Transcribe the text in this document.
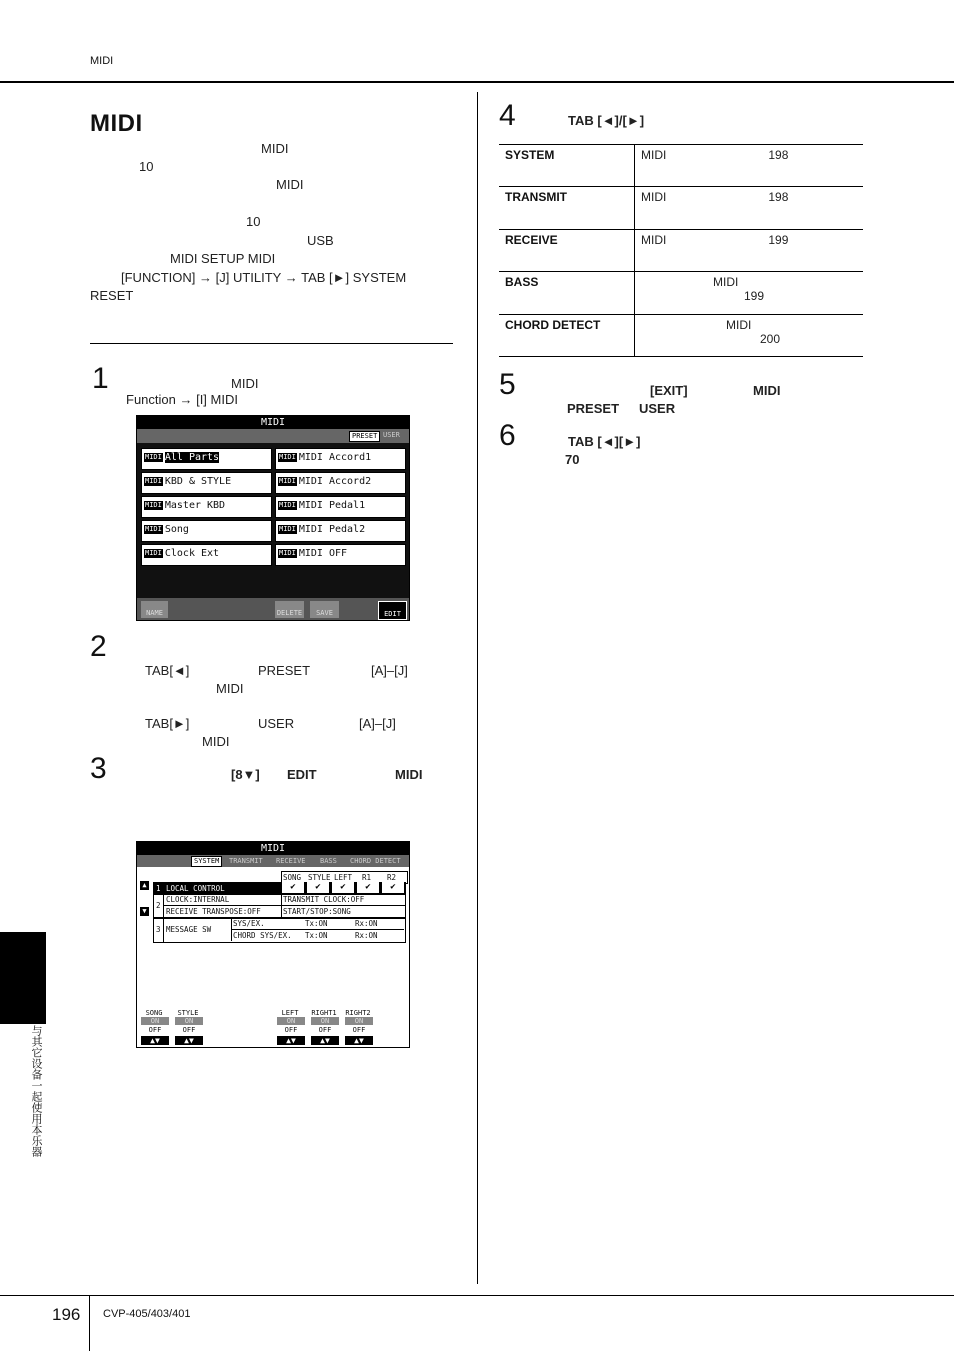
MIDI
与其它设备一起使用本乐器
196 CVP-405/403/401
MIDI
MIDI
10
MIDI
10
USB
MIDI SETUP MIDI
[FUNCTION] → [J] UTILITY → TAB [►] SYSTEM
RESET
1	MIDI
Function → [I] MIDI
MIDI
PRESET USER
MIDI All Parts
MIDI KBD & STYLE
MIDI Master KBD
MIDI Song
MIDI Clock Ext
MIDI MIDI Accord1
MIDI MIDI Accord2
MIDI MIDI Pedal1
MIDI MIDI Pedal2
MIDI MIDI OFF
NAME	DELETE	SAVE	EDIT
2
TAB[◄]	PRESET	[A]–[J]
MIDI
TAB[►]	USER	[A]–[J]
MIDI
3	[8▼] EDIT	MIDI
MIDI
SYSTEM	TRANSMIT RECEIVE BASS CHORD DETECT
SONG STYLE LEFT R1 R2
▲
▼
1 LOCAL CONTROL	✔	✔	✔	✔	✔
2
CLOCK:INTERNAL	TRANSMIT CLOCK:OFF
RECEIVE TRANSPOSE:OFF	START/STOP:SONG
3 MESSAGE SW
SYS/EX.	Tx:ON	Rx:ON
CHORD SYS/EX. Tx:ON	Rx:ON
SONG
ON
OFF
▲▼
STYLE
ON
OFF
▲▼
LEFT
ON
OFF
▲▼
RIGHT1
ON
OFF
▲▼
RIGHT2
ON
OFF
▲▼
4	TAB [◄]/[►]
SYSTEM	MIDI 198
TRANSMIT	MIDI 198
RECEIVE	MIDI 199
BASS	MIDI
199

CHORD DETECT	MIDI
200
5	[EXIT]	MIDI
PRESET USER
6	TAB [◄][►]
70
